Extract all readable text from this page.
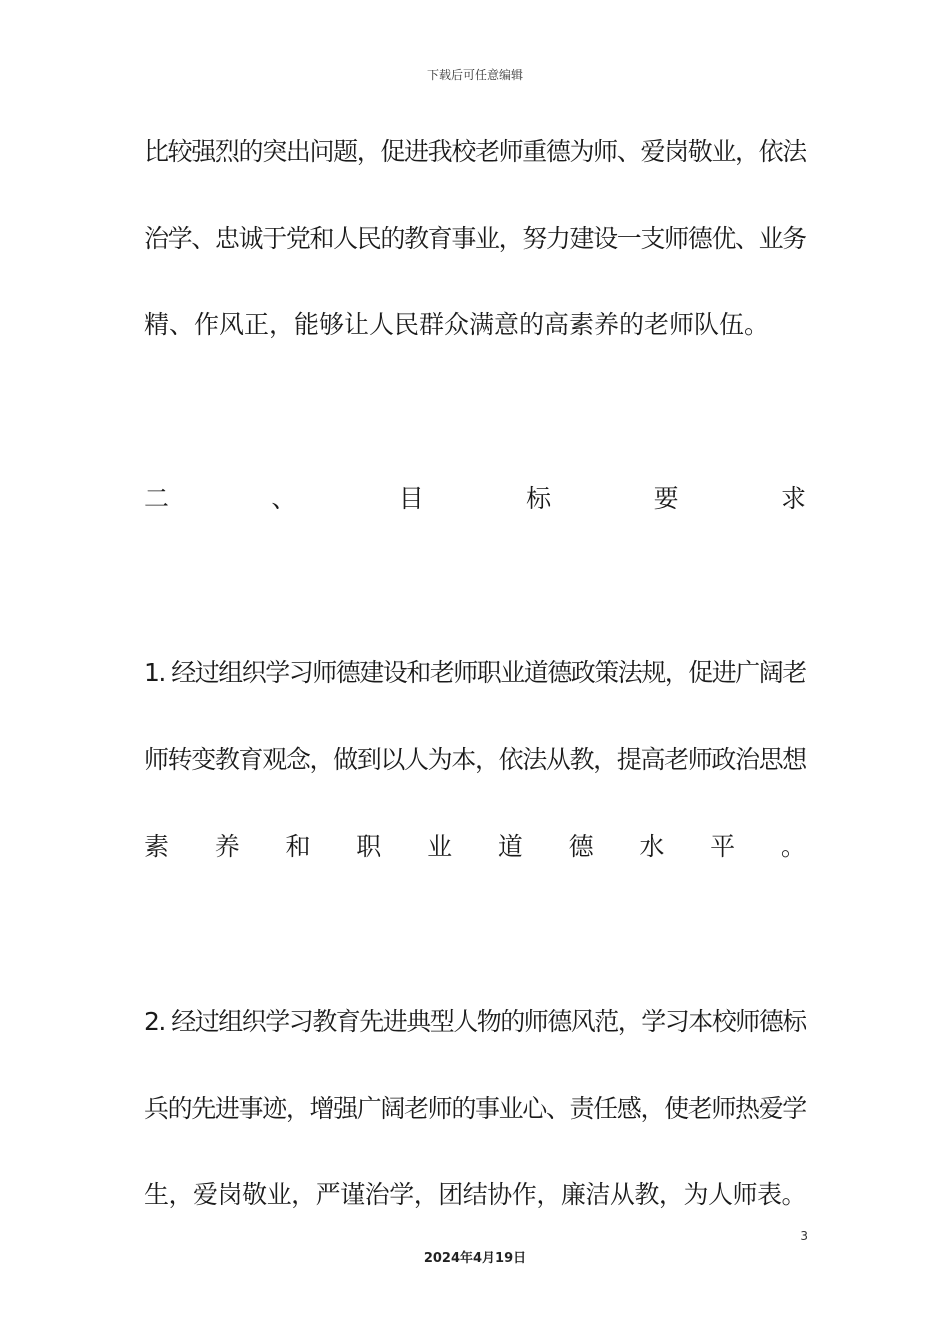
下载后可任意编辑
比较强烈的突出问题，促进我校老师重德为师、爱岗敬业，依法
治学、忠诚于党和人民的教育事业，努力建设一支师德优、业务
精、作风正，能够让人民群众满意的高素养的老师队伍。
二	、	目	标	要	求
1. 经过组织学习师德建设和老师职业道德政策法规，促进广阔老
师转变教育观念，做到以人为本，依法从教，提高老师政治思想
素 养 和 职 业 道 德 水 平 。
2. 经过组织学习教育先进典型人物的师德风范，学习本校师德标
兵的先进事迹，增强广阔老师的事业心、责任感，使老师热爱学
生，爱岗敬业，严谨治学，团结协作，廉洁从教，为人师表。
3
2024年4月19日
